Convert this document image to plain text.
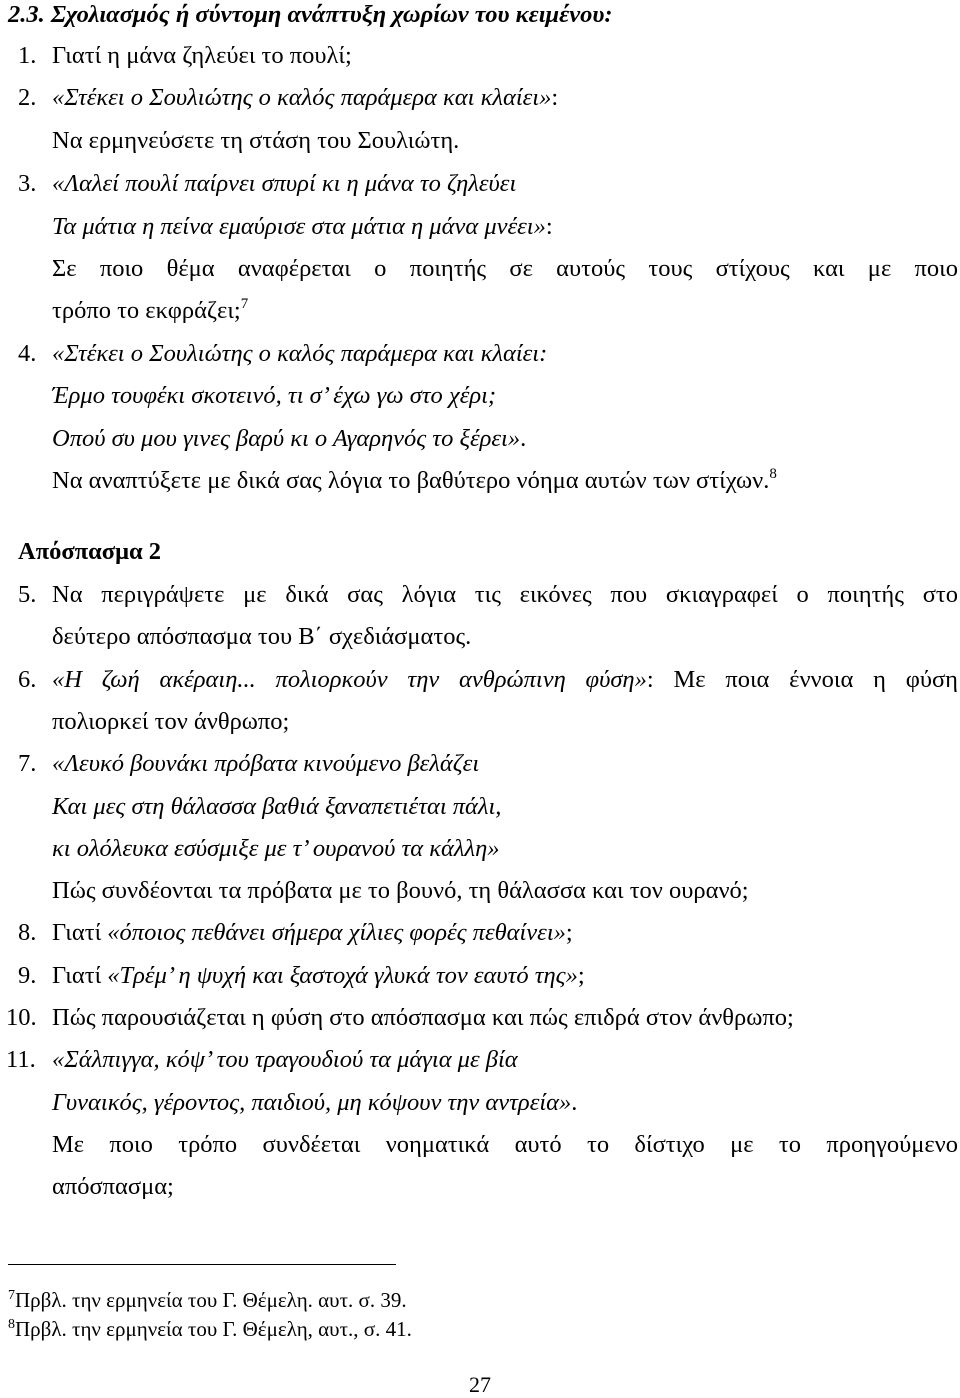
2.3. Σχολιασμός ή σύντομη ανάπτυξη χωρίων του κειμένου:
1. Γιατί η μάνα ζηλεύει το πουλί;
2. «Στέκει ο Σουλιώτης ο καλός παράμερα και κλαίει»:
Να ερμηνεύσετε τη στάση του Σουλιώτη.
3. «Λαλεί πουλί παίρνει σπυρί κι η μάνα το ζηλεύει
Τα μάτια η πείνα εμαύρισε στα μάτια η μάνα μνέει»:
Σε ποιο θέμα αναφέρεται ο ποιητής σε αυτούς τους στίχους και με ποιο
τρόπο το εκφράζει;$^7$
4. «Στέκει ο Σουλιώτης ο καλός παράμερα και κλαίει:
Έρμο τουφέκι σκοτεινό, τι σ’ έχω γω στο χέρι;
Οπού συ μου γινες βαρύ κι ο Αγαρηνός το ξέρει».
Να αναπτύξετε με δικά σας λόγια το βαθύτερο νόημα αυτών των στίχων.$^8$
Απόσπασμα 2
5. Να περιγράψετε με δικά σας λόγια τις εικόνες που σκιαγραφεί ο ποιητής στο
δεύτερο απόσπασμα του Β΄ σχεδιάσματος.
6. «Η ζωή ακέραιη... πολιορκούν την ανθρώπινη φύση»: Με ποια έννοια η φύση
πολιορκεί τον άνθρωπο;
7. «Λευκό βουνάκι πρόβατα κινούμενο βελάζει
Και μες στη θάλασσα βαθιά ξαναπετιέται πάλι,
κι ολόλευκα εσύσμιξε με τ’ ουρανού τα κάλλη»
Πώς συνδέονται τα πρόβατα με το βουνό, τη θάλασσα και τον ουρανό;
8. Γιατί «όποιος πεθάνει σήμερα χίλιες φορές πεθαίνει»;
9. Γιατί «Τρέμ’ η ψυχή και ξαστοχά γλυκά τον εαυτό της»;
10. Πώς παρουσιάζεται η φύση στο απόσπασμα και πώς επιδρά στον άνθρωπο;
11. «Σάλπιγγα, κόψ’ του τραγουδιού τα μάγια με βία
Γυναικός, γέροντος, παιδιού, μη κόψουν την αντρεία».
Με ποιο τρόπο συνδέεται νοηματικά αυτό το δίστιχο με το προηγούμενο
απόσπασμα;
$^7$Πρβλ. την ερμηνεία του Γ. Θέμελη. αυτ. σ. 39.
$^8$Πρβλ. την ερμηνεία του Γ. Θέμελη, αυτ., σ. 41.
27
